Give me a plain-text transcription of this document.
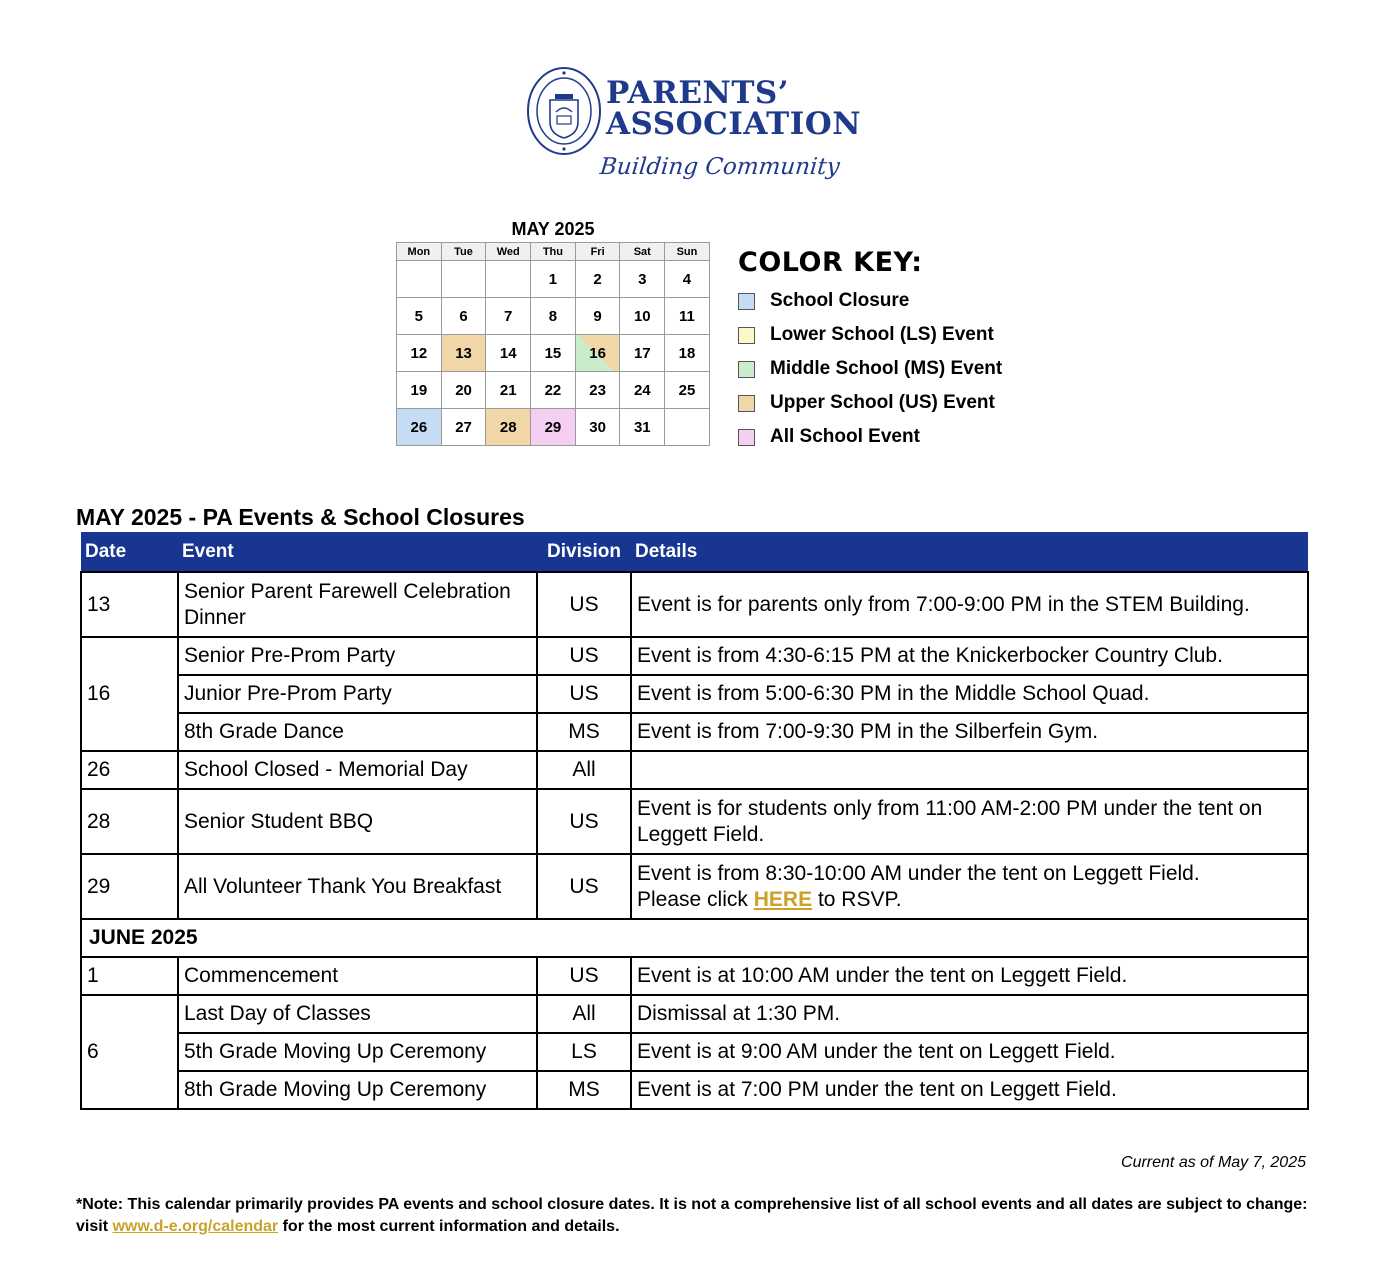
PARENTS’
ASSOCIATION
Building Community
MAY 2025
Mon	Tue	Wed	Thu	Fri	Sat	Sun
			1	2	3	4
5	6	7	8	9	10	11
12	13	14	15	16	17	18
19	20	21	22	23	24	25
26	27	28	29	30	31	
COLOR KEY:
School Closure
Lower School (LS) Event
Middle School (MS) Event
Upper School (US) Event
All School Event
MAY 2025 - PA Events & School Closures
Date	Event	Division	Details
13	Senior Parent Farewell Celebration Dinner	US	Event is for parents only from 7:00-9:00 PM in the STEM Building.
16	Senior Pre-Prom Party	US	Event is from 4:30-6:15 PM at the Knickerbocker Country Club.
	Junior Pre-Prom Party	US	Event is from 5:00-6:30 PM in the Middle School Quad.
	8th Grade Dance	MS	Event is from 7:00-9:30 PM in the Silberfein Gym.
26	School Closed - Memorial Day	All	
28	Senior Student BBQ	US	Event is for students only from 11:00 AM-2:00 PM under the tent on Leggett Field.
29	All Volunteer Thank You Breakfast	US	Event is from 8:30-10:00 AM under the tent on Leggett Field.
Please click HERE to RSVP.
JUNE 2025			
1	Commencement	US	Event is at 10:00 AM under the tent on Leggett Field.
6	Last Day of Classes	All	Dismissal at 1:30 PM.
	5th Grade Moving Up Ceremony	LS	Event is at 9:00 AM under the tent on Leggett Field.
	8th Grade Moving Up Ceremony	MS	Event is at 7:00 PM under the tent on Leggett Field.
Current as of May 7, 2025

*Note: This calendar primarily provides PA events and school closure dates. It is not a comprehensive list of all school events and all dates are subject to change: visit www.d-e.org/calendar for the most current information and details.
